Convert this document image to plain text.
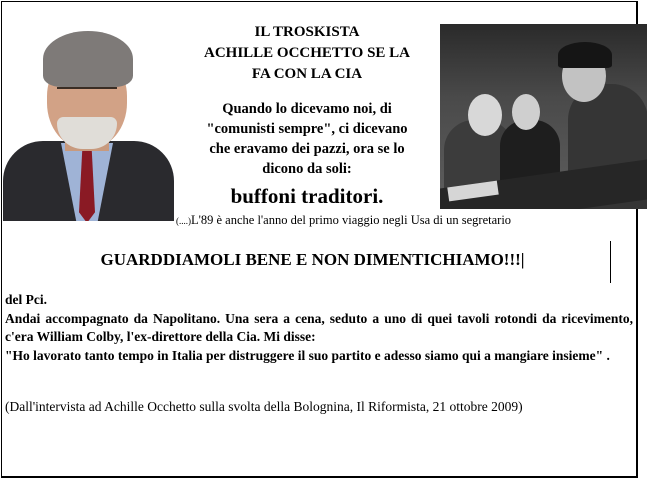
IL TROSKISTA
ACHILLE OCCHETTO SE LA
FA CON LA CIA
Quando lo dicevamo noi, di
"comunisti sempre", ci dicevano
che eravamo dei pazzi, ora se lo
dicono da soli:
buffoni traditori.
(....)L'89 è anche l'anno del primo viaggio negli Usa di un segretario
GUARDDIAMOLI BENE E NON DIMENTICHIAMO!!!|

del Pci.

Andai accompagnato da Napolitano. Una sera a cena, seduto a uno di quei tavoli rotondi da ricevimento, c'era William Colby, l'ex-direttore della Cia. Mi disse:

"Ho lavorato tanto tempo in Italia per distruggere il suo partito e adesso siamo qui a mangiare insieme" .

(Dall'intervista ad Achille Occhetto sulla svolta della Bolognina, Il Riformista, 21 ottobre 2009)
